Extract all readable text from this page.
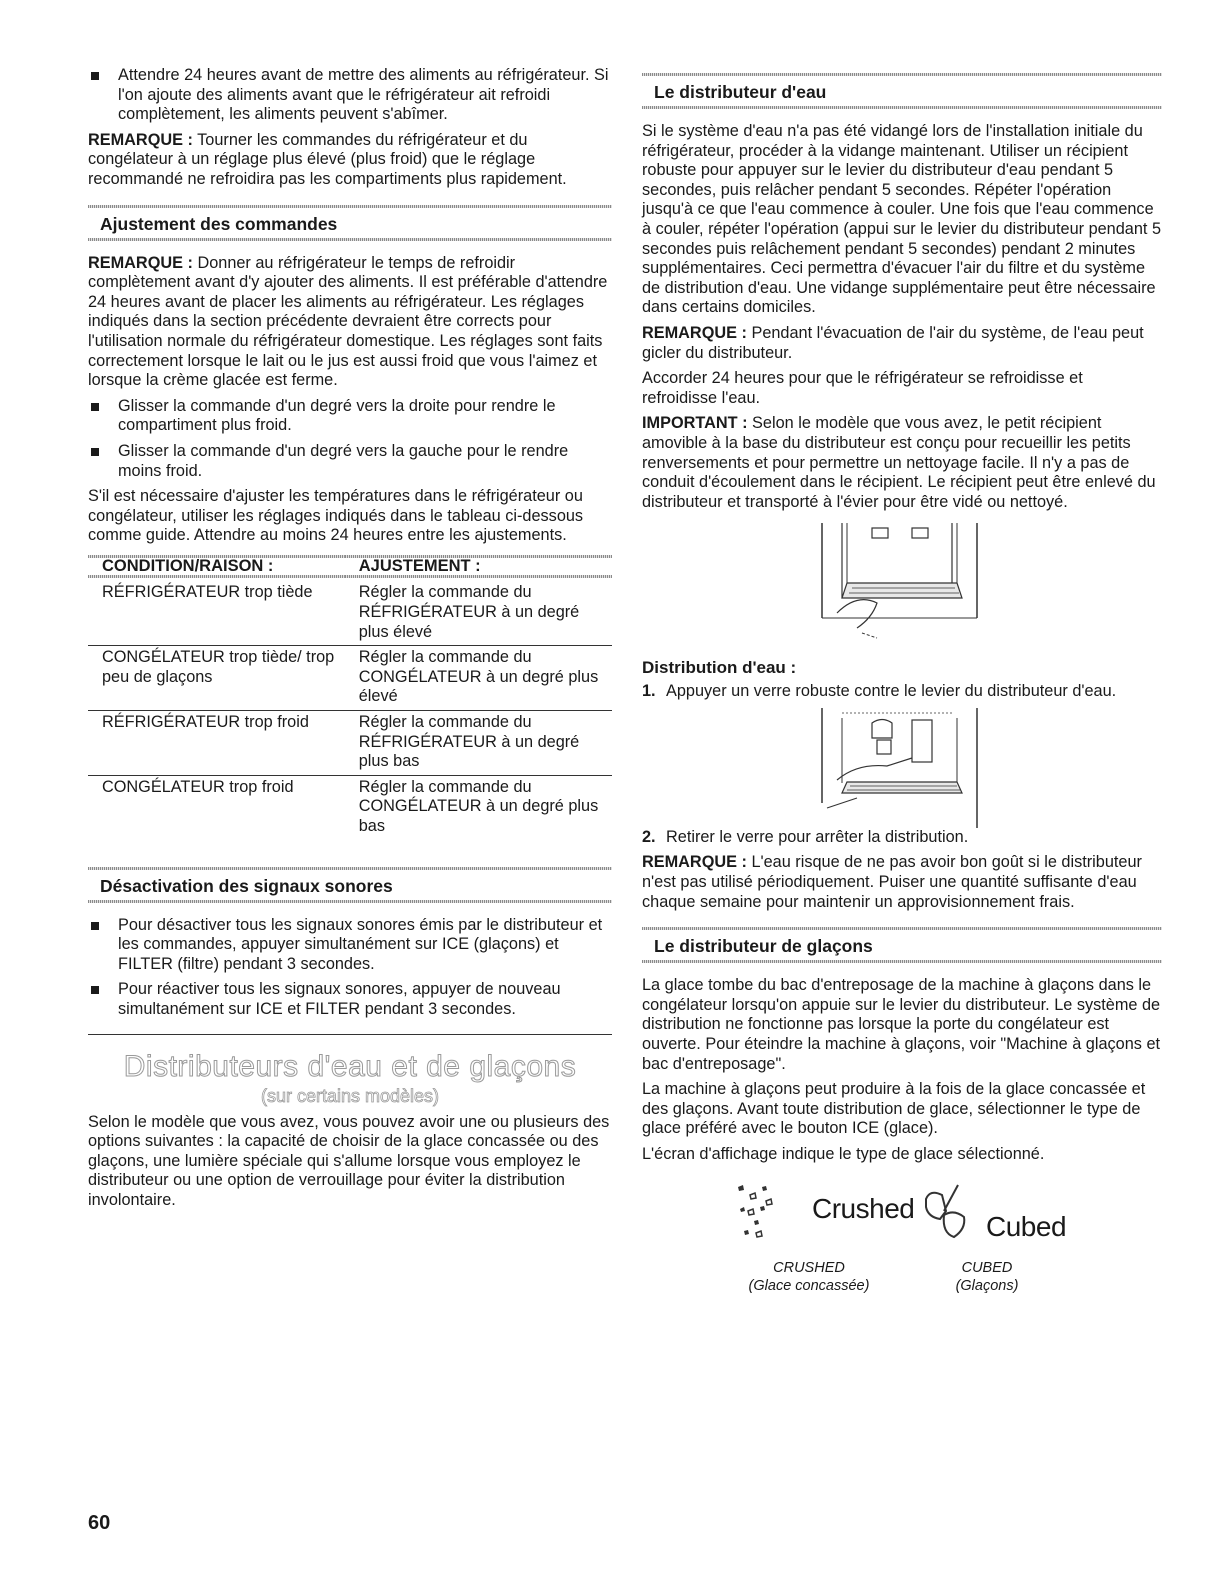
Attendre 24 heures avant de mettre des aliments au réfrigérateur. Si l'on ajoute des aliments avant que le réfrigérateur ait refroidi complètement, les aliments peuvent s'abîmer.

REMARQUE : Tourner les commandes du réfrigérateur et du congélateur à un réglage plus élevé (plus froid) que le réglage recommandé ne refroidira pas les compartiments plus rapidement.

Ajustement des commandes

REMARQUE : Donner au réfrigérateur le temps de refroidir complètement avant d'y ajouter des aliments. Il est préférable d'attendre 24 heures avant de placer les aliments au réfrigérateur. Les réglages indiqués dans la section précédente devraient être corrects pour l'utilisation normale du réfrigérateur domestique. Les réglages sont faits correctement lorsque le lait ou le jus est aussi froid que vous l'aimez et lorsque la crème glacée est ferme.

Glisser la commande d'un degré vers la droite pour rendre le compartiment plus froid.
Glisser la commande d'un degré vers la gauche pour le rendre moins froid.

S'il est nécessaire d'ajuster les températures dans le réfrigérateur ou congélateur, utiliser les réglages indiqués dans le tableau ci-dessous comme guide. Attendre au moins 24 heures entre les ajustements.

CONDITION/RAISON :	AJUSTEMENT :
RÉFRIGÉRATEUR trop tiède	Régler la commande du RÉFRIGÉRATEUR à un degré plus élevé
CONGÉLATEUR trop tiède/ trop peu de glaçons	Régler la commande du CONGÉLATEUR à un degré plus élevé
RÉFRIGÉRATEUR trop froid	Régler la commande du RÉFRIGÉRATEUR à un degré plus bas
CONGÉLATEUR trop froid	Régler la commande du CONGÉLATEUR à un degré plus bas
Désactivation des signaux sonores
Pour désactiver tous les signaux sonores émis par le distributeur et les commandes, appuyer simultanément sur ICE (glaçons) et FILTER (filtre) pendant 3 secondes.
Pour réactiver tous les signaux sonores, appuyer de nouveau simultanément sur ICE et FILTER pendant 3 secondes.

Distributeurs d'eau et de glaçons

(sur certains modèles)

Selon le modèle que vous avez, vous pouvez avoir une ou plusieurs des options suivantes : la capacité de choisir de la glace concassée ou des glaçons, une lumière spéciale qui s'allume lorsque vous employez le distributeur ou une option de verrouillage pour éviter la distribution involontaire.

Le distributeur d'eau

Si le système d'eau n'a pas été vidangé lors de l'installation initiale du réfrigérateur, procéder à la vidange maintenant. Utiliser un récipient robuste pour appuyer sur le levier du distributeur d'eau pendant 5 secondes, puis relâcher pendant 5 secondes. Répéter l'opération jusqu'à ce que l'eau commence à couler. Une fois que l'eau commence à couler, répéter l'opération (appui sur le levier du distributeur pendant 5 secondes puis relâchement pendant 5 secondes) pendant 2 minutes supplémentaires. Ceci permettra d'évacuer l'air du filtre et du système de distribution d'eau. Une vidange supplémentaire peut être nécessaire dans certains domiciles.

REMARQUE : Pendant l'évacuation de l'air du système, de l'eau peut gicler du distributeur.

Accorder 24 heures pour que le réfrigérateur se refroidisse et refroidisse l'eau.

IMPORTANT : Selon le modèle que vous avez, le petit récipient amovible à la base du distributeur est conçu pour recueillir les petits renversements et pour permettre un nettoyage facile. Il n'y a pas de conduit d'écoulement dans le récipient. Le récipient peut être enlevé du distributeur et transporté à l'évier pour être vidé ou nettoyé.

Distribution d'eau :
1. Appuyer un verre robuste contre le levier du distributeur d'eau.
2. Retirer le verre pour arrêter la distribution.

REMARQUE : L'eau risque de ne pas avoir bon goût si le distributeur n'est pas utilisé périodiquement. Puiser une quantité suffisante d'eau chaque semaine pour maintenir un approvisionnement frais.

Le distributeur de glaçons

La glace tombe du bac d'entreposage de la machine à glaçons dans le congélateur lorsqu'on appuie sur le levier du distributeur. Le système de distribution ne fonctionne pas lorsque la porte du congélateur est ouverte. Pour éteindre la machine à glaçons, voir "Machine à glaçons et bac d'entreposage".

La machine à glaçons peut produire à la fois de la glace concassée et des glaçons. Avant toute distribution de glace, sélectionner le type de glace préféré avec le bouton ICE (glace).

L'écran d'affichage indique le type de glace sélectionné.

Crushed
Cubed
CRUSHED
(Glace concassée)
CUBED
(Glaçons)
60
